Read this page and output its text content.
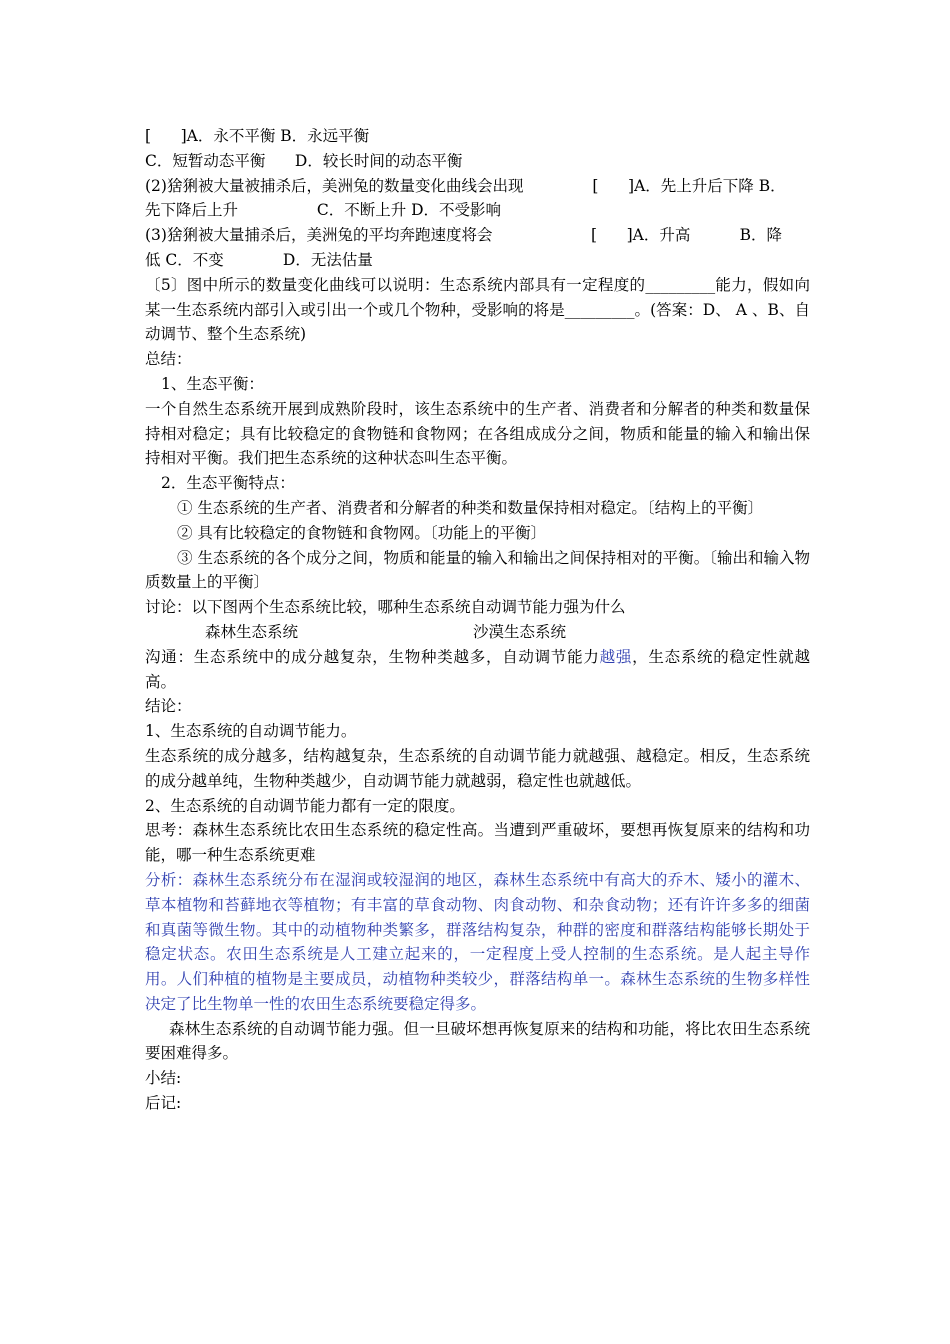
[      ]A．永不平衡 B．永远平衡

C．短暂动态平衡      D．较长时间的动态平衡

(2)猞猁被大量被捕杀后，美洲兔的数量变化曲线会出现              [      ]A．先上升后下降 B．

先下降后上升                C．不断上升 D．不受影响

(3)猞猁被大量捕杀后，美洲兔的平均奔跑速度将会                    [      ]A．升高          B．降

低 C．不变            D．无法估量

〔5〕图中所示的数量变化曲线可以说明：生态系统内部具有一定程度的_________能力，假如向某一生态系统内部引入或引出一个或几个物种，受影响的将是_________。(答案：D、 A 、B、自动调节、整个生态系统)

总结：

1、生态平衡：

一个自然生态系统开展到成熟阶段时，该生态系统中的生产者、消费者和分解者的种类和数量保持相对稳定；具有比较稳定的食物链和食物网；在各组成成分之间，物质和能量的输入和输出保持相对平衡。我们把生态系统的这种状态叫生态平衡。

2．生态平衡特点：

① 生态系统的生产者、消费者和分解者的种类和数量保持相对稳定。〔结构上的平衡〕

② 具有比较稳定的食物链和食物网。〔功能上的平衡〕

③ 生态系统的各个成分之间，物质和能量的输入和输出之间保持相对的平衡。〔输出和输入物质数量上的平衡〕

讨论：以下图两个生态系统比较，哪种生态系统自动调节能力强为什么

森林生态系统	沙漠生态系统

沟通：生态系统中的成分越复杂，生物种类越多，自动调节能力越强，生态系统的稳定性就越高。

结论：

1、生态系统的自动调节能力。

生态系统的成分越多，结构越复杂，生态系统的自动调节能力就越强、越稳定。相反，生态系统的成分越单纯，生物种类越少，自动调节能力就越弱，稳定性也就越低。

2、生态系统的自动调节能力都有一定的限度。

思考：森林生态系统比农田生态系统的稳定性高。当遭到严重破坏，要想再恢复原来的结构和功能，哪一种生态系统更难

分析：森林生态系统分布在湿润或较湿润的地区，森林生态系统中有高大的乔木、矮小的灌木、草本植物和苔藓地衣等植物；有丰富的草食动物、肉食动物、和杂食动物；还有许许多多的细菌和真菌等微生物。其中的动植物种类繁多，群落结构复杂，种群的密度和群落结构能够长期处于稳定状态。农田生态系统是人工建立起来的，一定程度上受人控制的生态系统。是人起主导作用。人们种植的植物是主要成员，动植物种类较少，群落结构单一。森林生态系统的生物多样性决定了比生物单一性的农田生态系统要稳定得多。

森林生态系统的自动调节能力强。但一旦破坏想再恢复原来的结构和功能，将比农田生态系统要困难得多。

小结:

后记:
